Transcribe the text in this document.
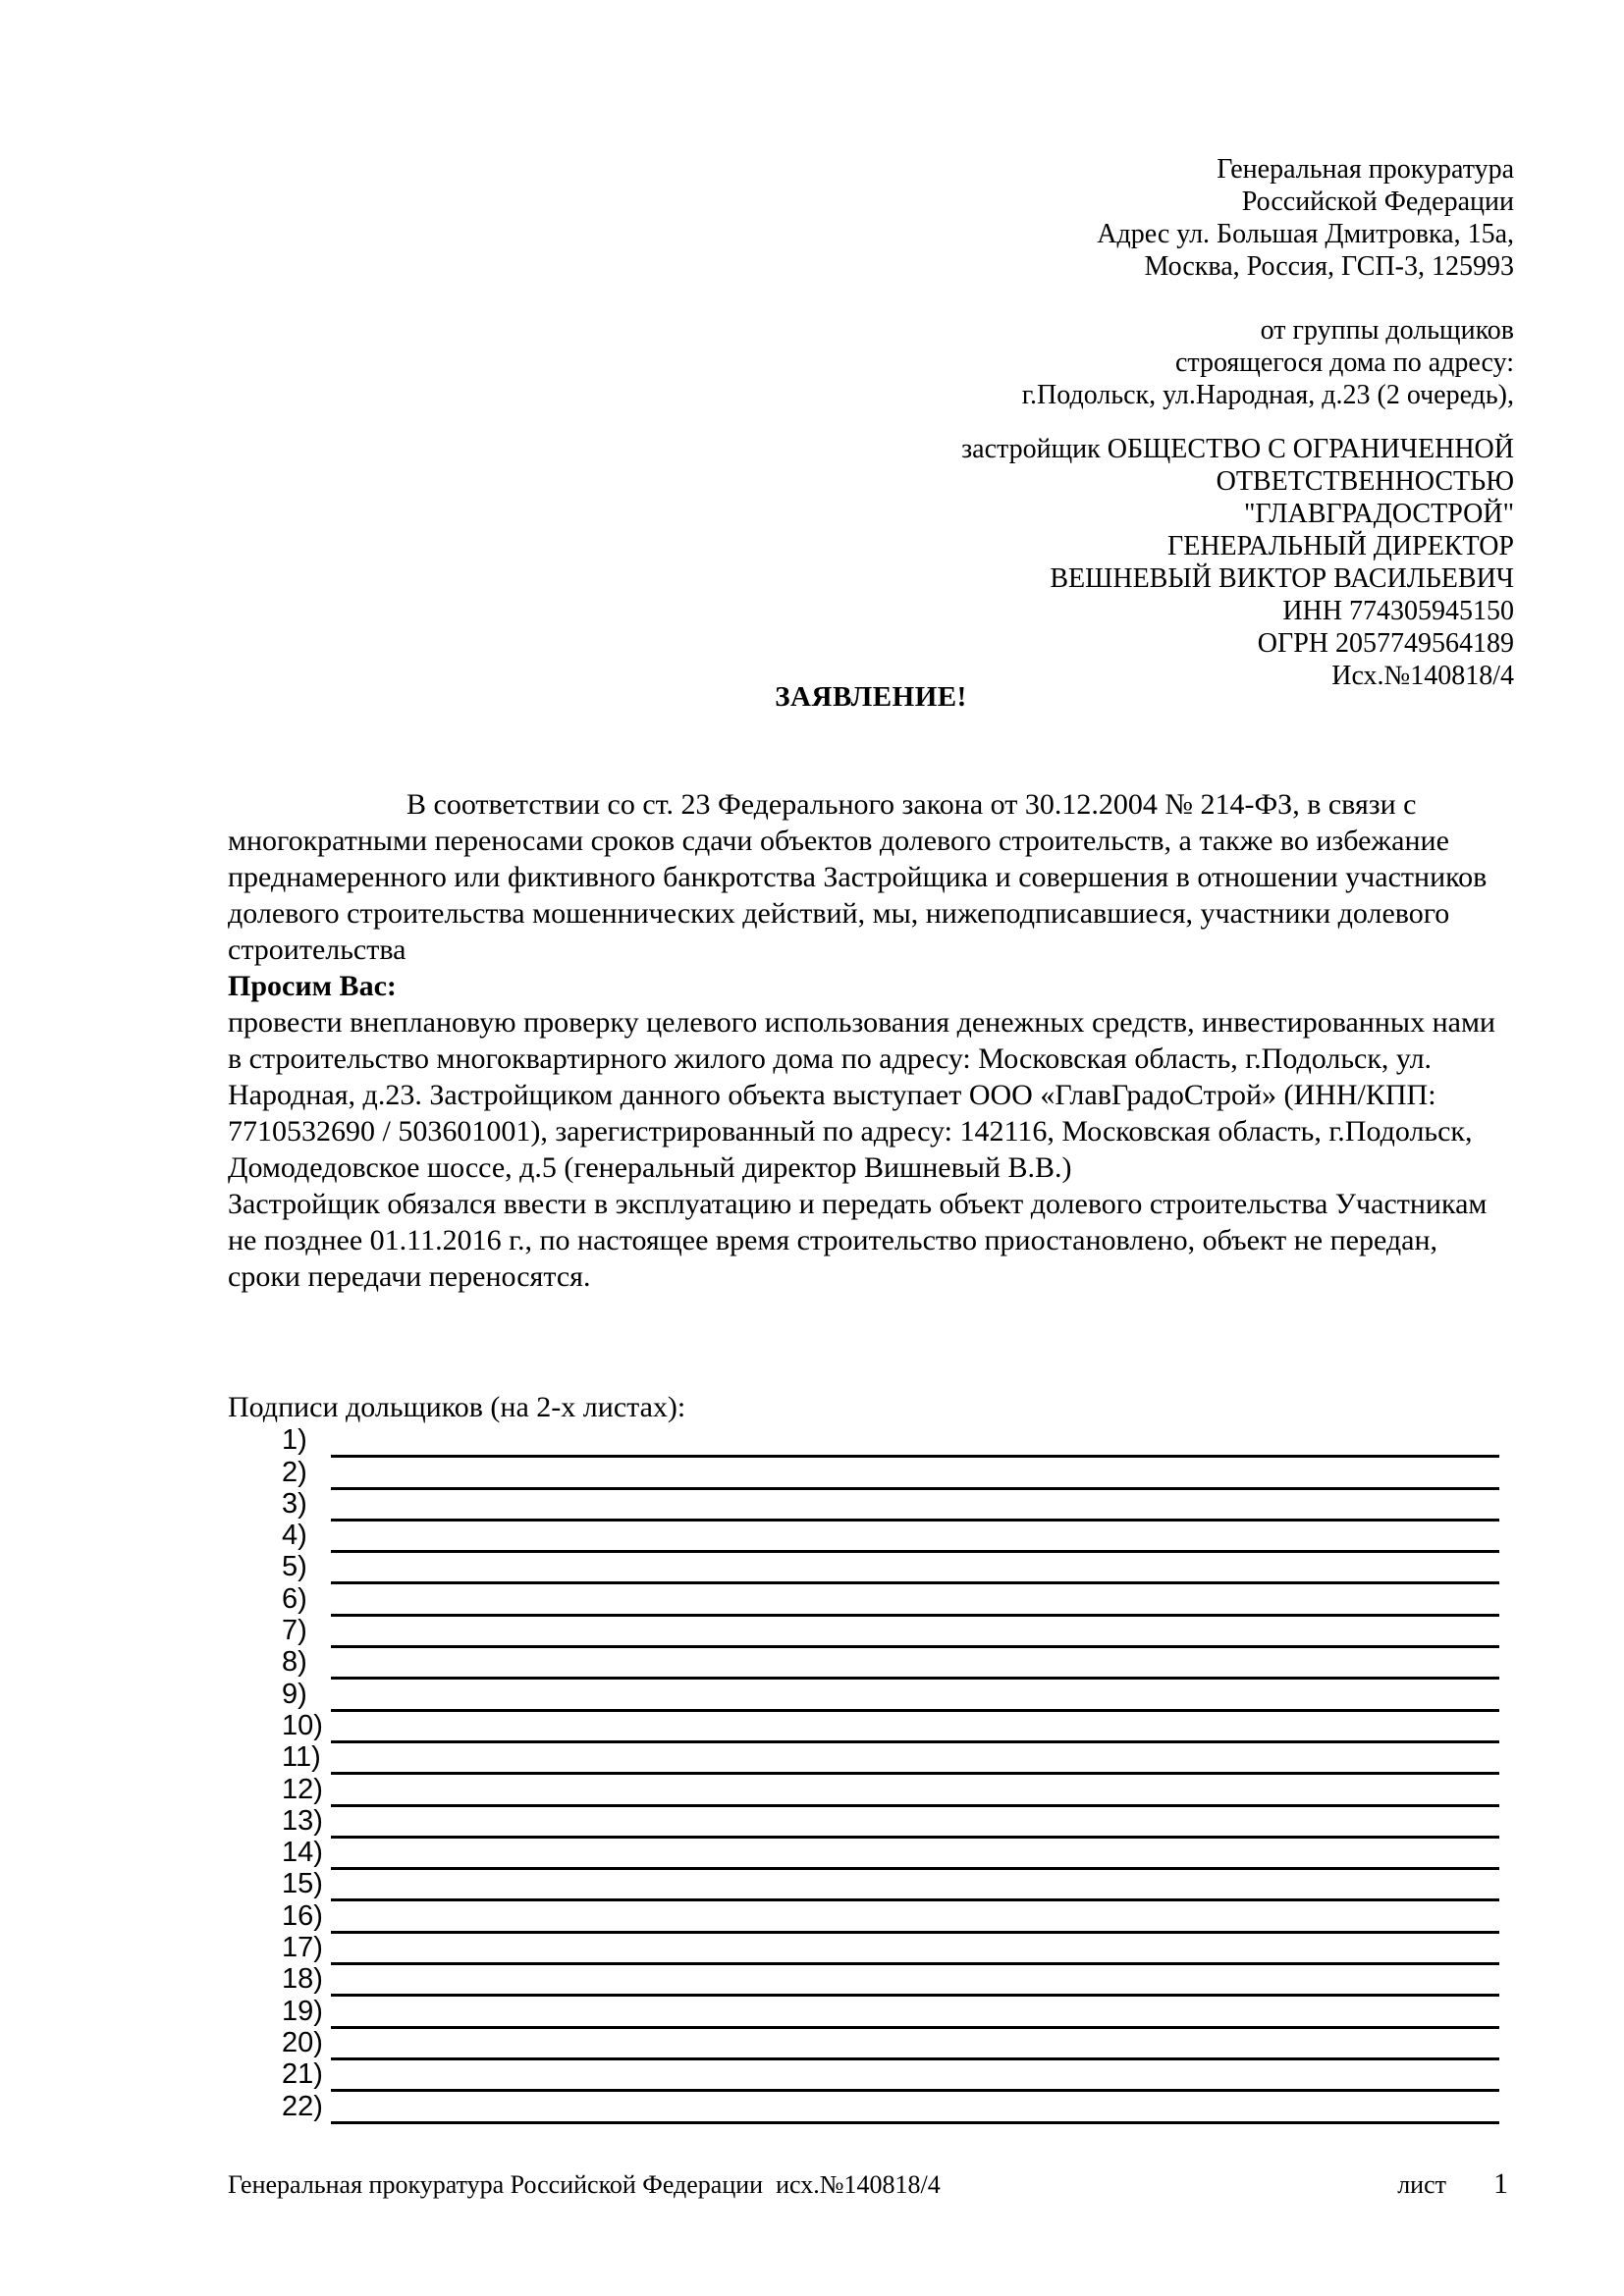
Генеральная прокуратура
Российской Федерации
Адрес ул. Большая Дмитровка, 15а,
Москва, Россия, ГСП-3, 125993
от группы дольщиков
строящегося дома по адресу:
г.Подольск, ул.Народная, д.23 (2 очередь),
застройщик ОБЩЕСТВО С ОГРАНИЧЕННОЙ
ОТВЕТСТВЕННОСТЬЮ
"ГЛАВГРАДОСТРОЙ"
ГЕНЕРАЛЬНЫЙ ДИРЕКТОР
ВЕШНЕВЫЙ ВИКТОР ВАСИЛЬЕВИЧ
ИНН 774305945150
ОГРН 2057749564189
Исх.№140818/4
ЗАЯВЛЕНИЕ!

В соответствии со ст. 23 Федерального закона от 30.12.2004 № 214-ФЗ, в связи с многократными переносами сроков сдачи объектов долевого строительств, а также во избежание преднамеренного или фиктивного банкротства Застройщика и совершения в отношении участников долевого строительства мошеннических действий, мы, нижеподписавшиеся, участники долевого строительства

Просим Вас:

провести внеплановую проверку целевого использования денежных средств, инвестированных нами в строительство многоквартирного жилого дома по адресу: Московская область, г.Подольск, ул. Народная, д.23. Застройщиком данного объекта выступает ООО «ГлавГрадоСтрой» (ИНН/КПП: 7710532690 / 503601001), зарегистрированный по адресу: 142116, Московская область, г.Подольск, Домодедовское шоссе, д.5 (генеральный директор Вишневый В.В.)

Застройщик обязался ввести в эксплуатацию и передать объект долевого строительства Участникам не позднее 01.11.2016 г., по настоящее время строительство приостановлено, объект не передан, сроки передачи переносятся.

Подписи дольщиков (на 2-х листах):

1)
2)
3)
4)
5)
6)
7)
8)
9)
10)
11)
12)
13)
14)
15)
16)
17)
18)
19)
20)
21)
22)
Генеральная прокуратура Российской Федерации  исх.№140818/4	лист 1
